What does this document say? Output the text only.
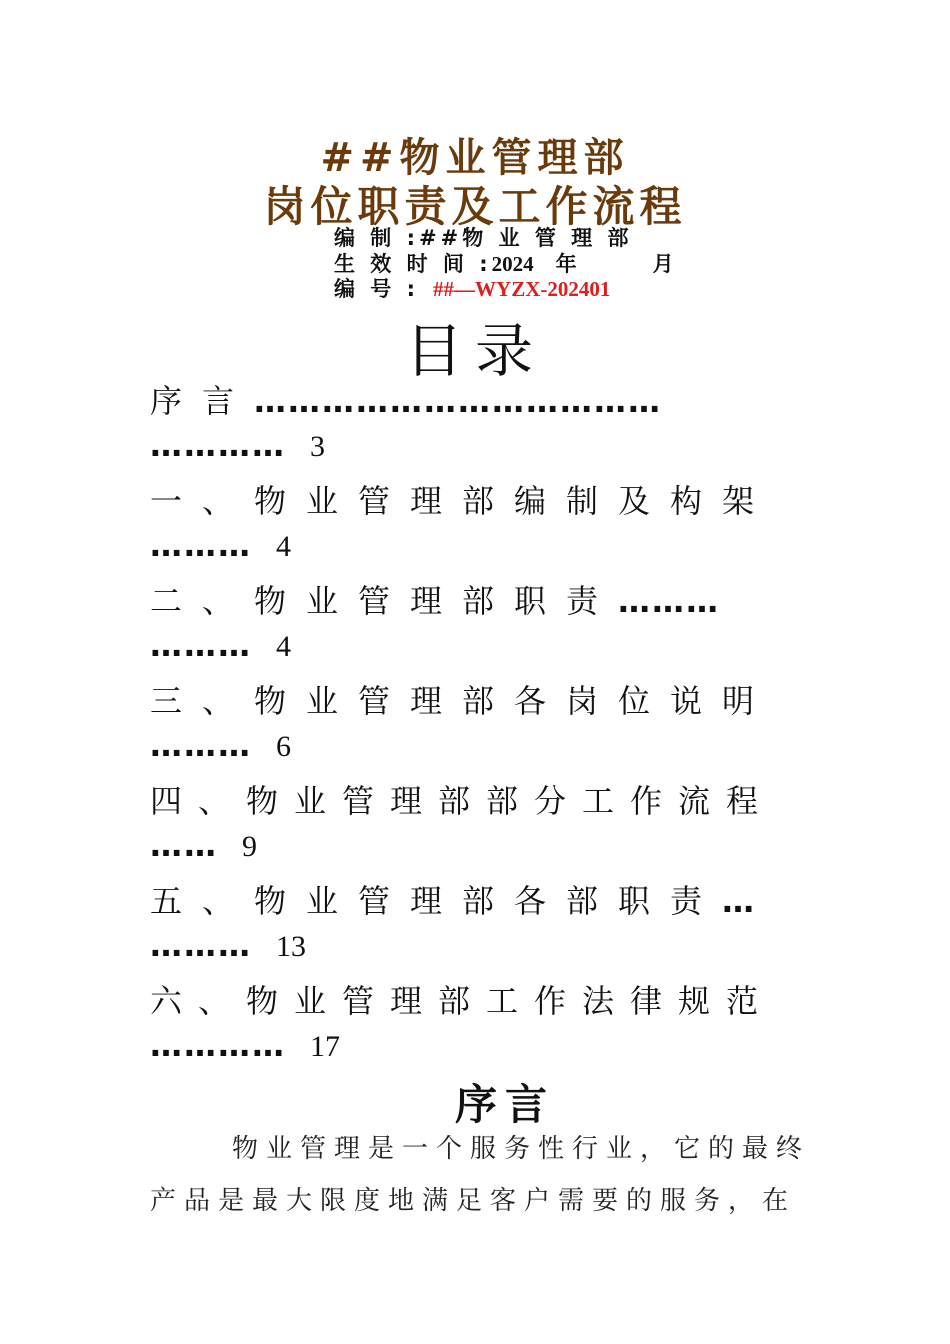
##物业管理部
岗位职责及工作流程
编 制 :##物 业 管 理 部
生 效 时 间 :2024 年	月
编 号 : ##—WYZX-202401
目录
序言………………………………
………… 3
一、物业管理部编制及构架
……… 4
二、物业管理部职责………
……… 4
三、物业管理部各岗位说明
……… 6
四、物业管理部部分工作流程
…… 9
五、物业管理部各部职责…
……… 13
六、物业管理部工作法律规范
………… 17
序言
物业管理是一个服务性行业，它的最终
产品是最大限度地满足客户需要的服务，在
